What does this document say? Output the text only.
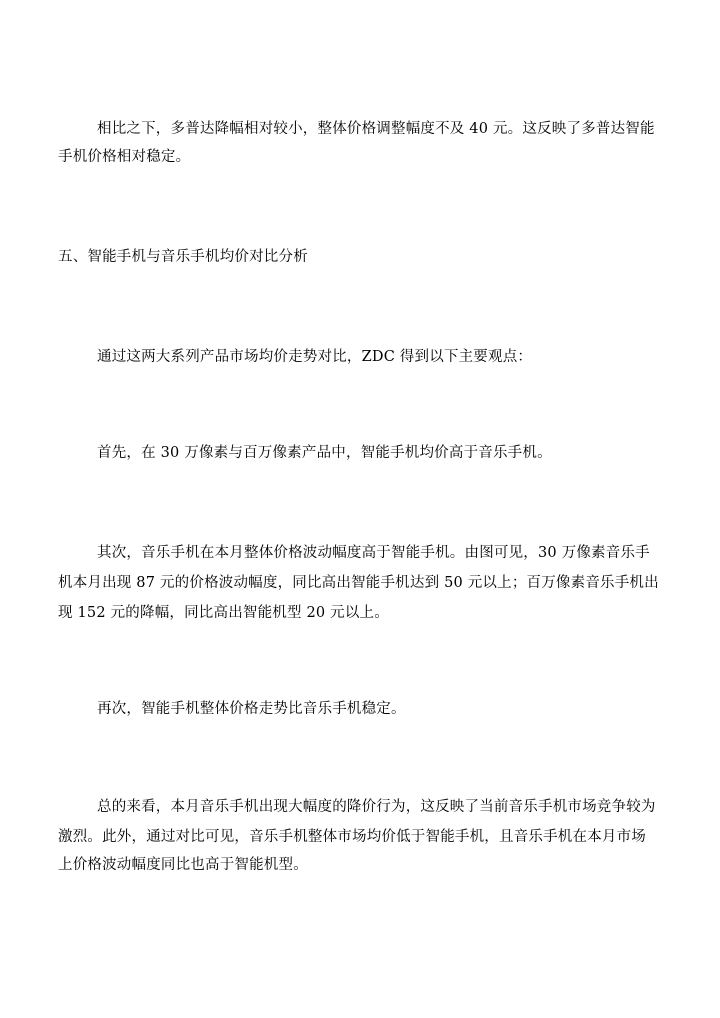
相比之下，多普达降幅相对较小，整体价格调整幅度不及 40 元。这反映了多普达智能
手机价格相对稳定。
五、智能手机与音乐手机均价对比分析
通过这两大系列产品市场均价走势对比，ZDC 得到以下主要观点：
首先，在 30 万像素与百万像素产品中，智能手机均价高于音乐手机。
其次，音乐手机在本月整体价格波动幅度高于智能手机。由图可见，30 万像素音乐手
机本月出现 87 元的价格波动幅度，同比高出智能手机达到 50 元以上；百万像素音乐手机出
现 152 元的降幅，同比高出智能机型 20 元以上。
再次，智能手机整体价格走势比音乐手机稳定。
总的来看，本月音乐手机出现大幅度的降价行为，这反映了当前音乐手机市场竞争较为
激烈。此外，通过对比可见，音乐手机整体市场均价低于智能手机，且音乐手机在本月市场
上价格波动幅度同比也高于智能机型。
